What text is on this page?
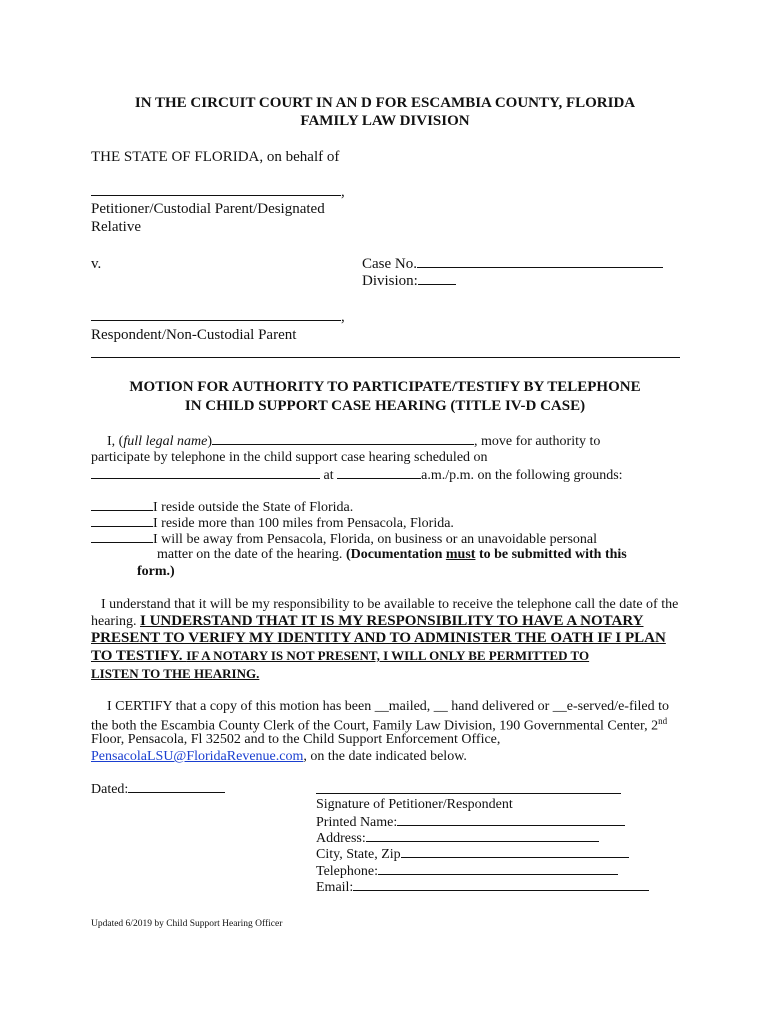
IN THE CIRCUIT COURT IN AN D FOR ESCAMBIA COUNTY, FLORIDA
FAMILY LAW DIVISION
THE STATE OF FLORIDA, on behalf of
,
Petitioner/Custodial Parent/Designated
Relative
v.	Case No.
Division:
,
Respondent/Non-Custodial Parent
MOTION FOR AUTHORITY TO PARTICIPATE/TESTIFY BY TELEPHONE
IN CHILD SUPPORT CASE HEARING (TITLE IV-D CASE)
I, (full legal name)	, move for authority to
participate by telephone in the child support case hearing scheduled on
at	a.m./p.m. on the following grounds:
I reside outside the State of Florida.
I reside more than 100 miles from Pensacola, Florida.
I will be away from Pensacola, Florida, on business or an unavoidable personal
matter on the date of the hearing. (Documentation must to be submitted with this
form.)
I understand that it will be my responsibility to be available to receive the telephone call the date of the
hearing. I UNDERSTAND THAT IT IS MY RESPONSIBILITY TO HAVE A NOTARY
PRESENT TO VERIFY MY IDENTITY AND TO ADMINISTER THE OATH IF I PLAN
TO TESTIFY. IF A NOTARY IS NOT PRESENT, I WILL ONLY BE PERMITTED TO
LISTEN TO THE HEARING.
I CERTIFY that a copy of this motion has been __mailed, __ hand delivered or __e-served/e-filed to
the both the Escambia County Clerk of the Court, Family Law Division, 190 Governmental Center, 2nd
Floor, Pensacola, Fl 32502 and to the Child Support Enforcement Office,
PensacolaLSU@FloridaRevenue.com, on the date indicated below.
Dated:
Signature of Petitioner/Respondent
Printed Name:
Address:
City, State, Zip
Telephone:
Email:
Updated 6/2019 by Child Support Hearing Officer
